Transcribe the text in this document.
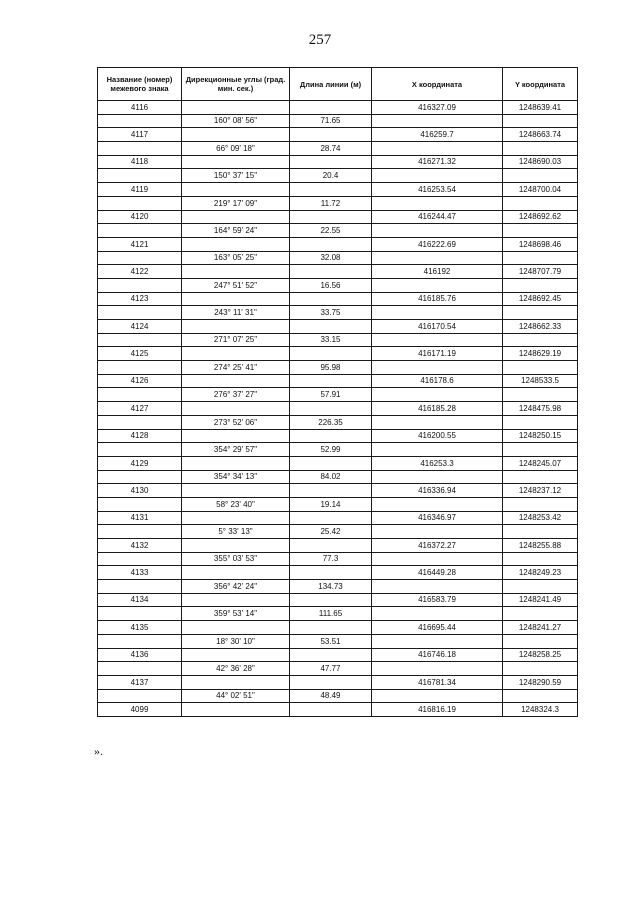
257
Название (номер) межевого знака	Дирекционные углы (град. мин. сек.)	Длина линии (м)	X координата	Y координата

4116			416327.09	1248639.41
	160° 08' 56"	71.65		
4117			416259.7	1248663.74
	66° 09' 18"	28.74		
4118			416271.32	1248690.03
	150° 37' 15"	20.4		
4119			416253.54	1248700.04
	219° 17' 09"	11.72		
4120			416244.47	1248692.62
	164° 59' 24"	22.55		
4121			416222.69	1248698.46
	163° 05' 25"	32.08		
4122			416192	1248707.79
	247° 51' 52"	16.56		
4123			416185.76	1248692.45
	243° 11' 31"	33.75		
4124			416170.54	1248662.33
	271° 07' 25"	33.15		
4125			416171.19	1248629.19
	274° 25' 41"	95.98		
4126			416178.6	1248533.5
	276° 37' 27"	57.91		
4127			416185.28	1248475.98
	273° 52' 06"	226.35		
4128			416200.55	1248250.15
	354° 29' 57"	52.99		
4129			416253.3	1248245.07
	354° 34' 13"	84.02		
4130			416336.94	1248237.12
	58° 23' 40"	19.14		
4131			416346.97	1248253.42
	5° 33' 13"	25.42		
4132			416372.27	1248255.88
	355° 03' 53"	77.3		
4133			416449.28	1248249.23
	356° 42' 24"	134.73		
4134			416583.79	1248241.49
	359° 53' 14"	111.65		
4135			416695.44	1248241.27
	18° 30' 10"	53.51		
4136			416746.18	1248258.25
	42° 36' 28"	47.77		
4137			416781.34	1248290.59
	44° 02' 51"	48.49		
4099			416816.19	1248324.3
».
